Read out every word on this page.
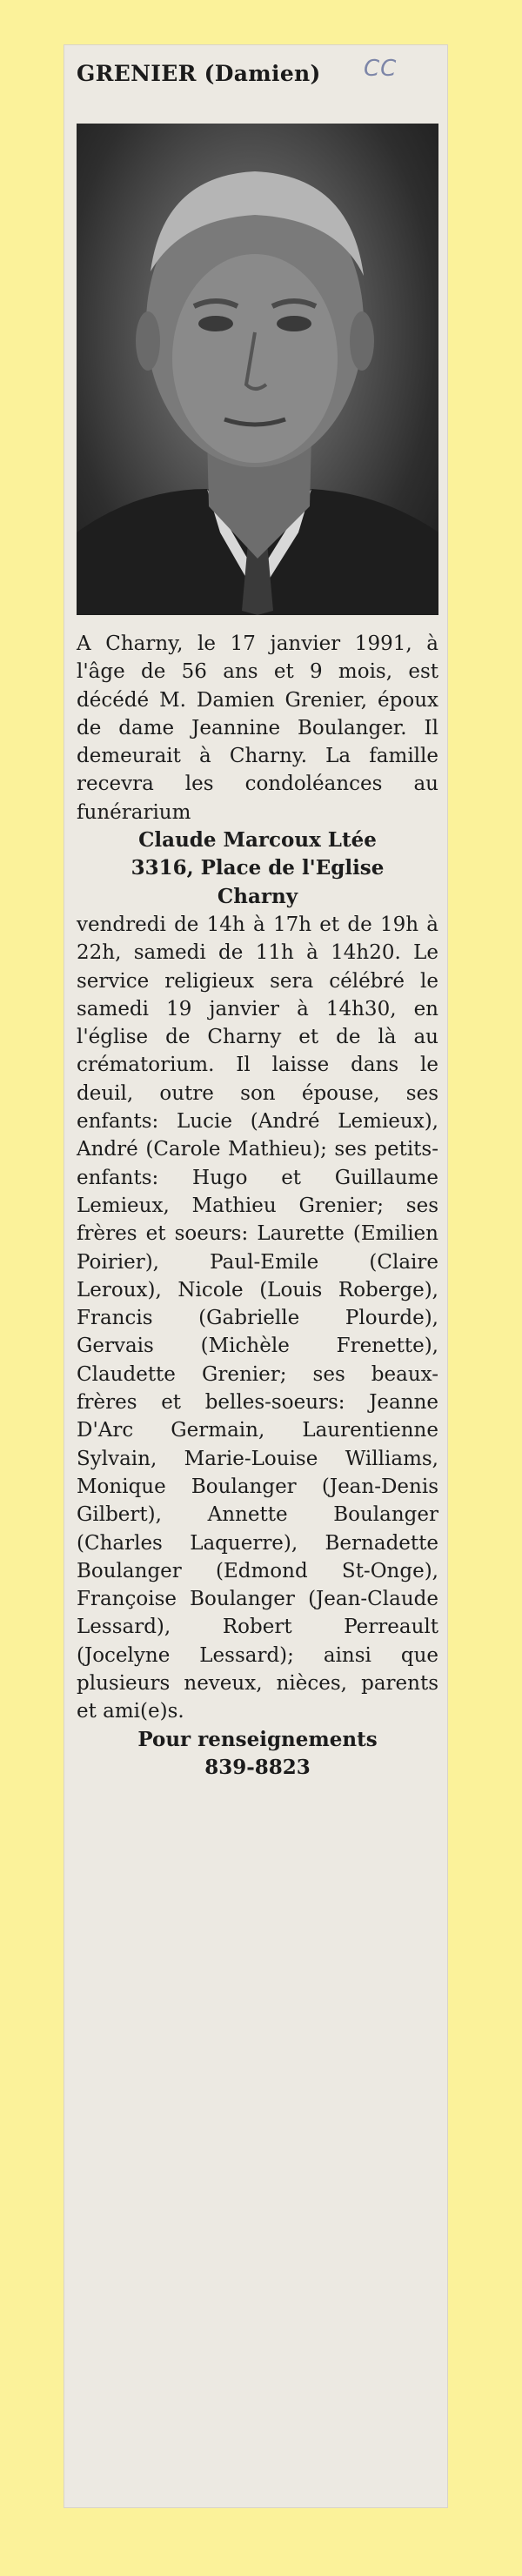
GRENIER (Damien)	CC

A Charny, le 17 janvier 1991, à l'âge de 56 ans et 9 mois, est décédé M. Damien Grenier, époux de dame Jeannine Boulanger. Il demeurait à Charny. La famille recevra les condoléances au funérarium

Claude Marcoux Ltée

3316, Place de l'Eglise

Charny

vendredi de 14h à 17h et de 19h à 22h, samedi de 11h à 14h20. Le service religieux sera célébré le samedi 19 janvier à 14h30, en l'église de Charny et de là au crématorium. Il laisse dans le deuil, outre son épouse, ses enfants: Lucie (André Lemieux), André (Carole Mathieu); ses petits-enfants: Hugo et Guillaume Lemieux, Mathieu Grenier; ses frères et soeurs: Laurette (Emilien Poirier), Paul-Emile (Claire Leroux), Nicole (Louis Roberge), Francis (Gabrielle Plourde), Gervais (Michèle Frenette), Claudette Grenier; ses beaux-frères et belles-soeurs: Jeanne D'Arc Germain, Laurentienne Sylvain, Marie-Louise Williams, Monique Boulanger (Jean-Denis Gilbert), Annette Boulanger (Charles Laquerre), Bernadette Boulanger (Edmond St-Onge), Françoise Boulanger (Jean-Claude Lessard), Robert Perreault (Jocelyne Lessard); ainsi que plusieurs neveux, nièces, parents et ami(e)s.

Pour renseignements

839-8823
